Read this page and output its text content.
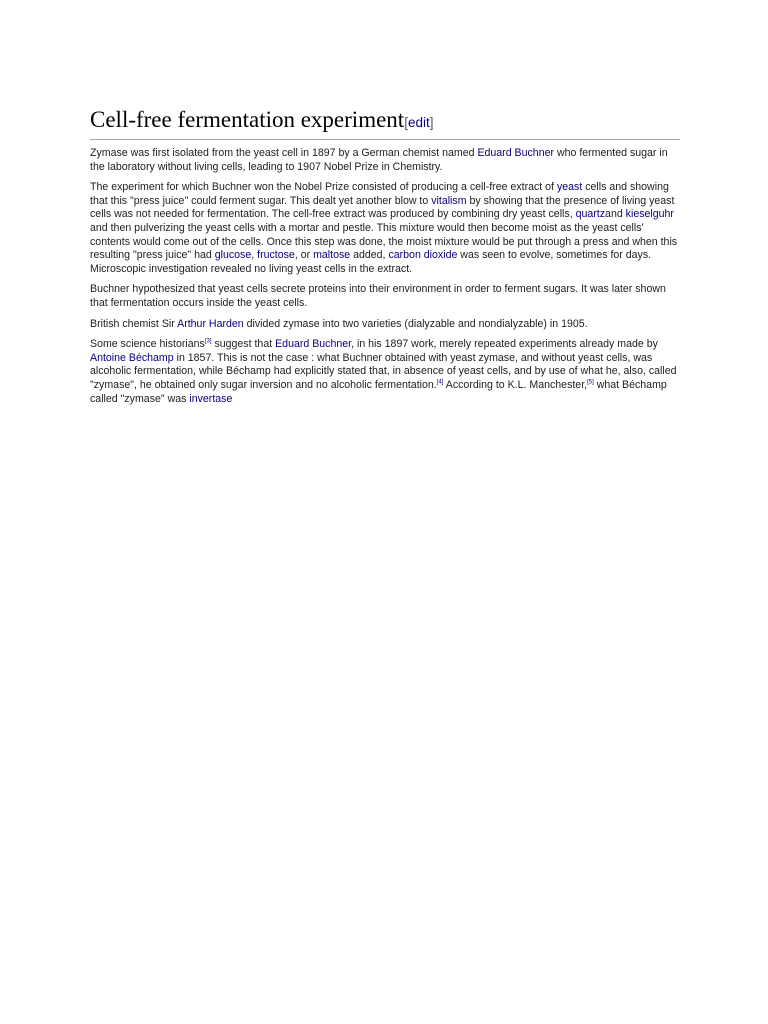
Cell-free fermentation experiment[edit]

Zymase was first isolated from the yeast cell in 1897 by a German chemist named Eduard Buchner who fermented sugar in the laboratory without living cells, leading to 1907 Nobel Prize in Chemistry.

The experiment for which Buchner won the Nobel Prize consisted of producing a cell-free extract of yeast cells and showing that this "press juice" could ferment sugar. This dealt yet another blow to vitalism by showing that the presence of living yeast cells was not needed for fermentation. The cell-free extract was produced by combining dry yeast cells, quartzand kieselguhr and then pulverizing the yeast cells with a mortar and pestle. This mixture would then become moist as the yeast cells' contents would come out of the cells. Once this step was done, the moist mixture would be put through a press and when this resulting "press juice" had glucose, fructose, or maltose added, carbon dioxide was seen to evolve, sometimes for days. Microscopic investigation revealed no living yeast cells in the extract.

Buchner hypothesized that yeast cells secrete proteins into their environment in order to ferment sugars. It was later shown that fermentation occurs inside the yeast cells.

British chemist Sir Arthur Harden divided zymase into two varieties (dialyzable and nondialyzable) in 1905.

Some science historians[3] suggest that Eduard Buchner, in his 1897 work, merely repeated experiments already made by Antoine Béchamp in 1857. This is not the case : what Buchner obtained with yeast zymase, and without yeast cells, was alcoholic fermentation, while Béchamp had explicitly stated that, in absence of yeast cells, and by use of what he, also, called "zymase", he obtained only sugar inversion and no alcoholic fermentation.[4] According to K.L. Manchester,[5] what Béchamp called "zymase" was invertase
